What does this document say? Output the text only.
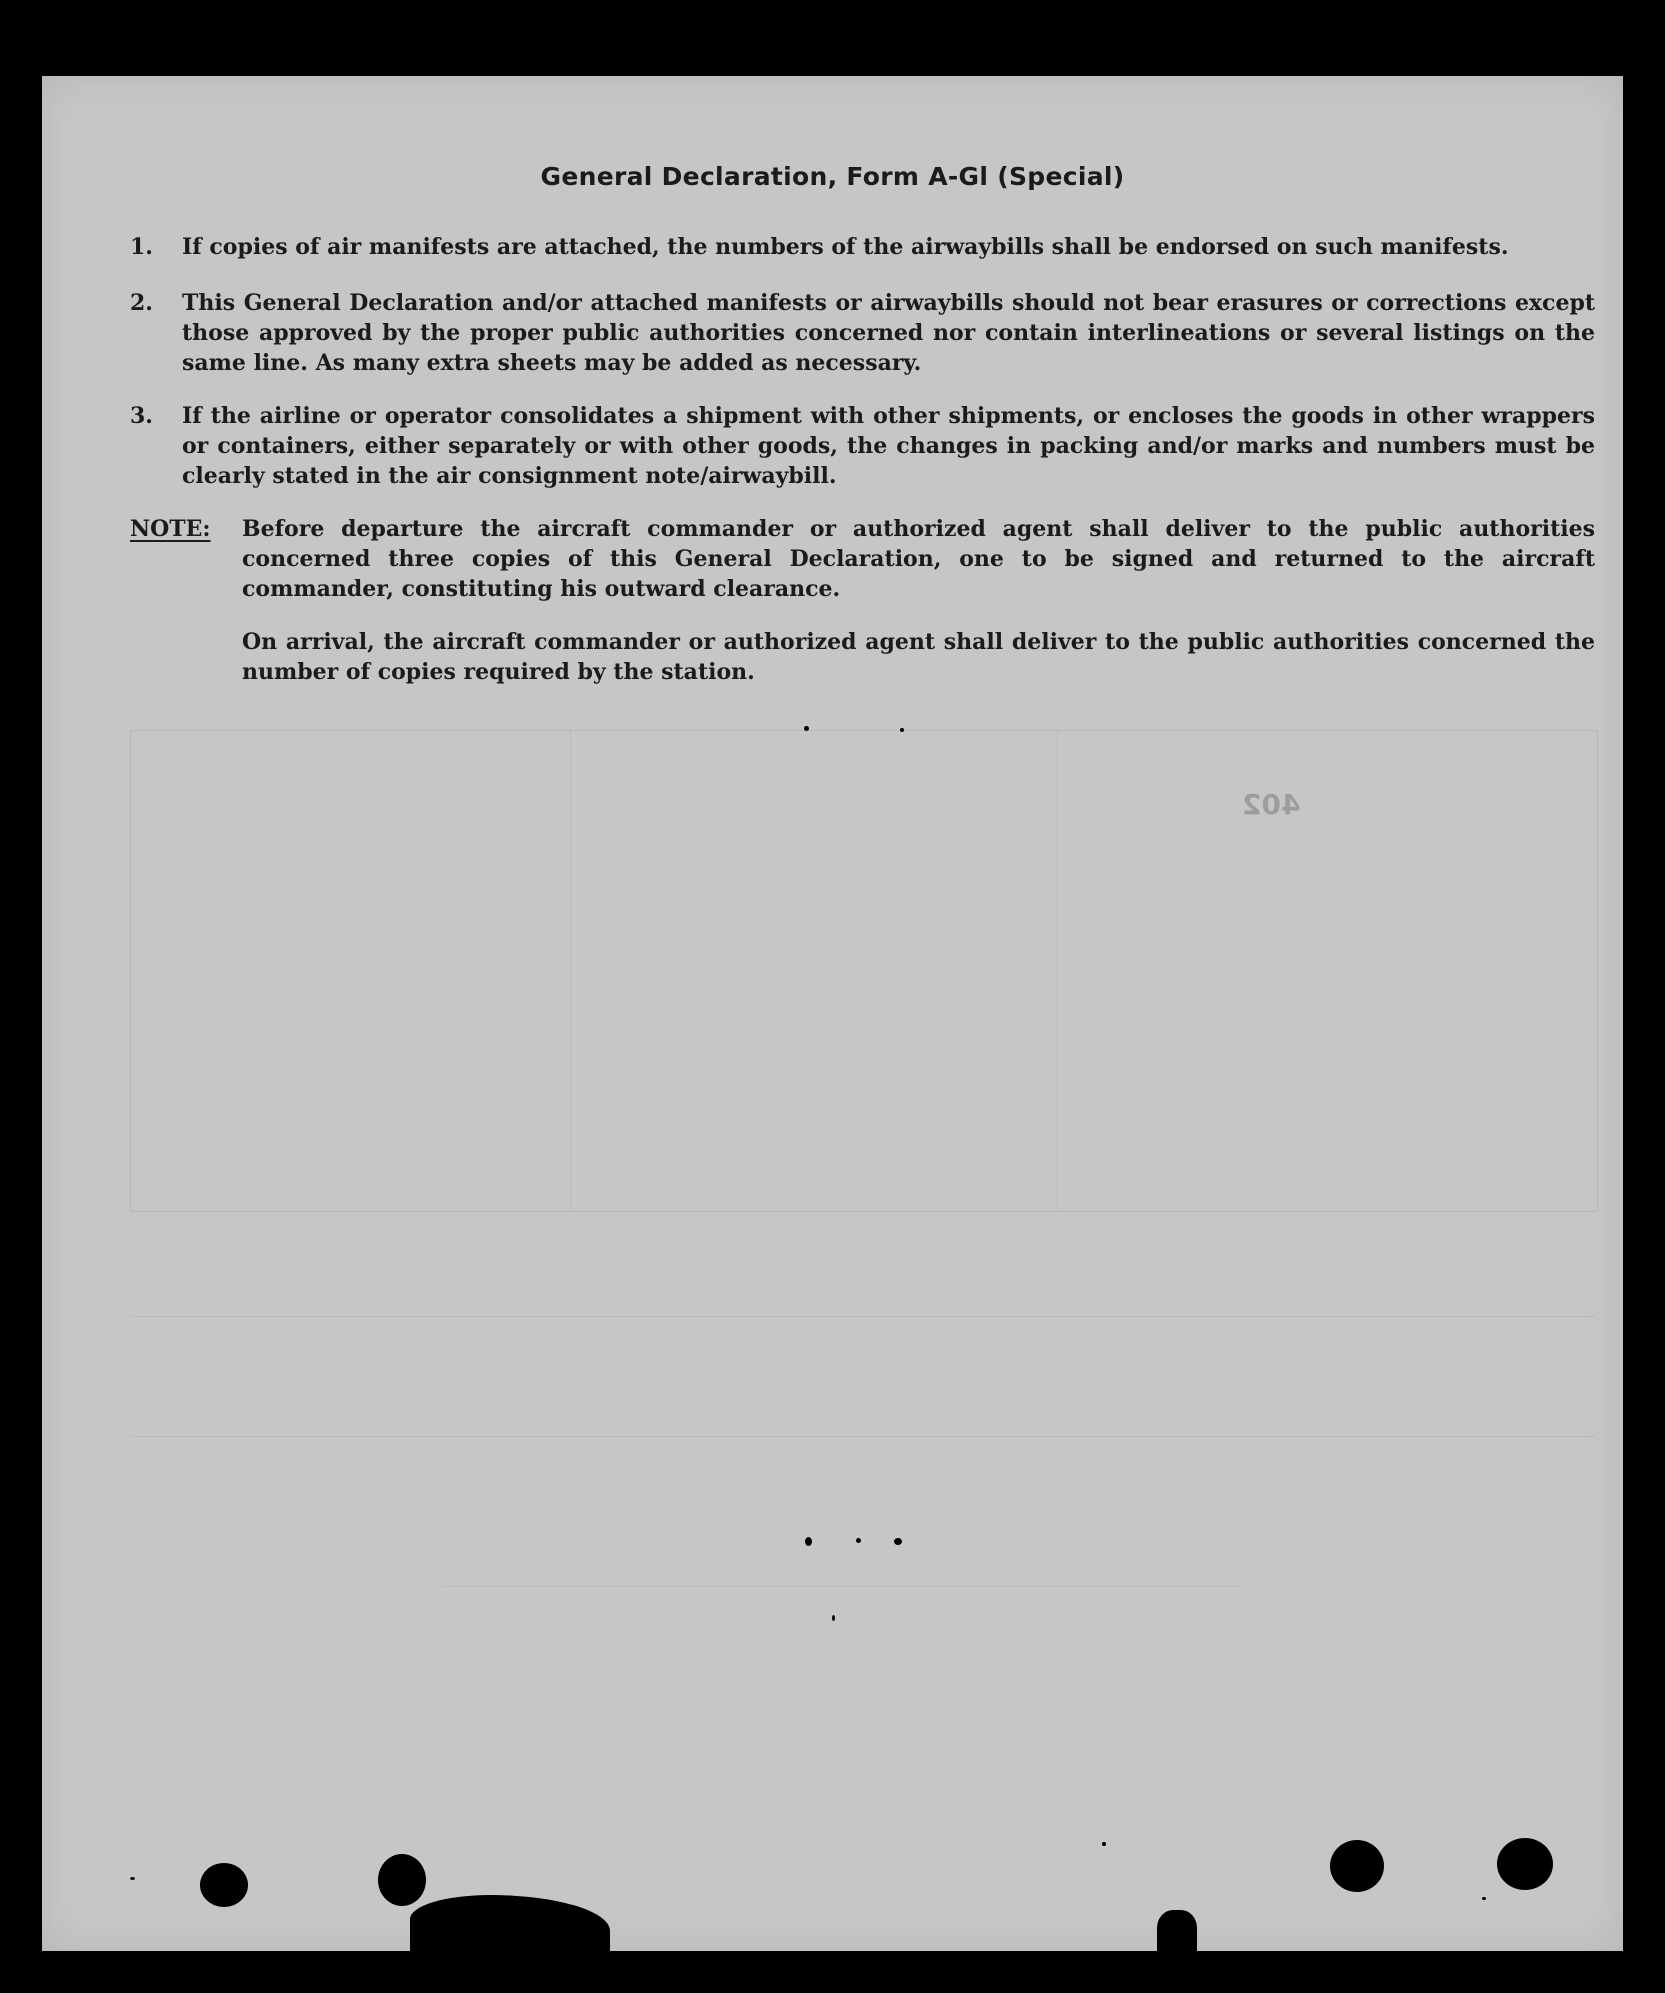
402
General Declaration, Form A-Gl (Special)
1.	If copies of air manifests are attached, the numbers of the airwaybills shall be endorsed on such manifests.
2.	This General Declaration and/or attached manifests or airwaybills should not bear erasures or corrections except those approved by the proper public authorities concerned nor contain interlineations or several listings on the same line. As many extra sheets may be added as necessary.
3.	If the airline or operator consolidates a shipment with other shipments, or encloses the goods in other wrappers or containers, either separately or with other goods, the changes in packing and/or marks and numbers must be clearly stated in the air consignment note/airwaybill.
NOTE: Before departure the aircraft commander or authorized agent shall deliver to the public authorities concerned three copies of this General Declaration, one to be signed and returned to the aircraft commander, constituting his outward clearance.
On arrival, the aircraft commander or authorized agent shall deliver to the public authorities concerned the number of copies required by the station.
